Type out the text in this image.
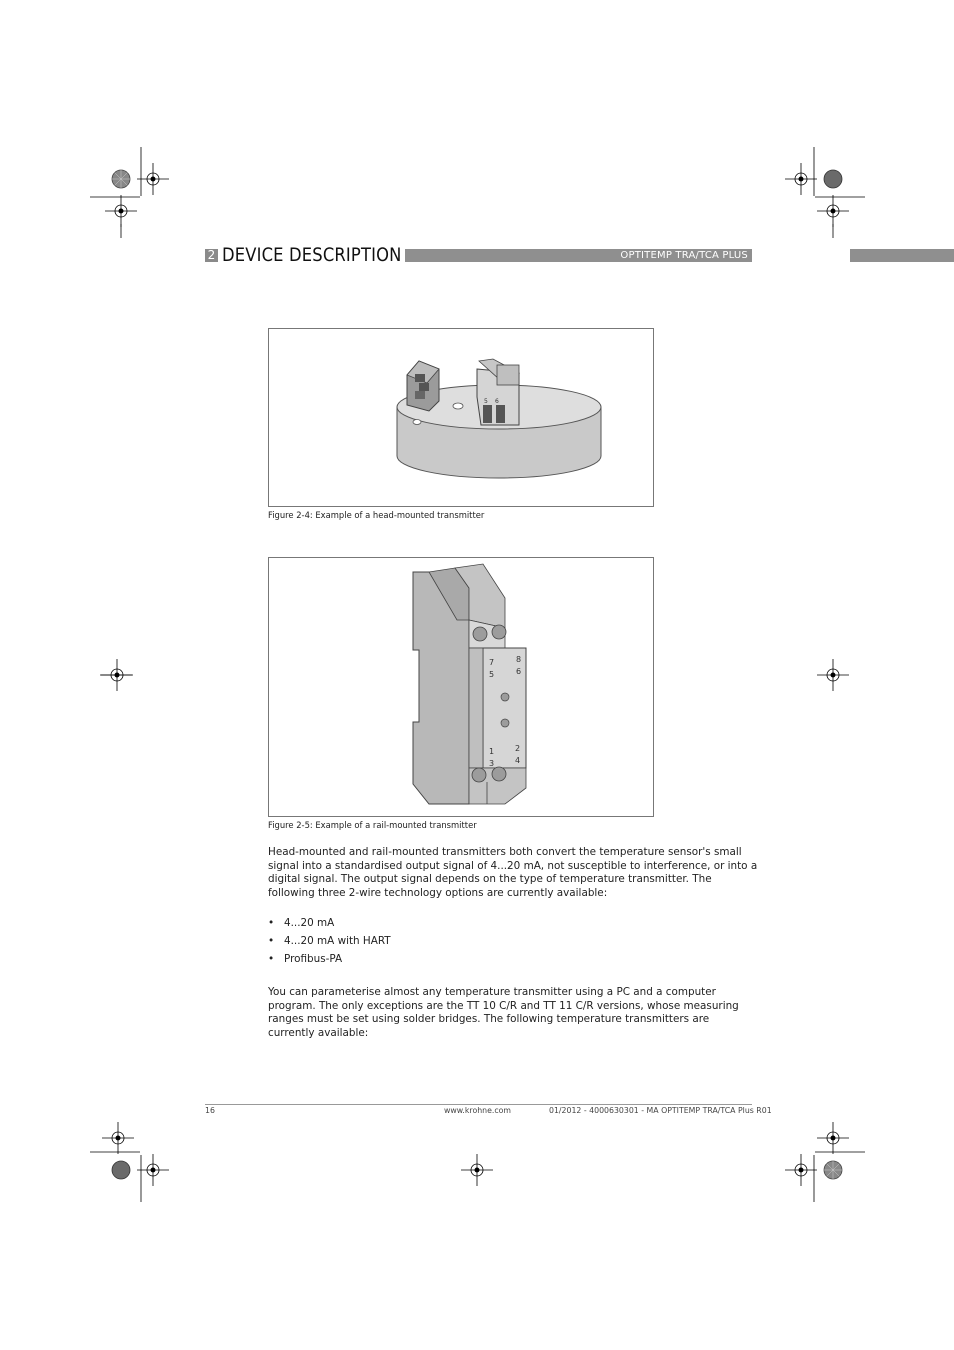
2 DEVICE DESCRIPTION	OPTITEMP TRA/TCA PLUS
5 6
Figure 2-4: Example of a head-mounted transmitter
7	8
5	6
1	2
3	4
Figure 2-5: Example of a rail-mounted transmitter

Head-mounted and rail-mounted transmitters both convert the temperature sensor's small signal into a standardised output signal of 4...20 mA, not susceptible to interference, or into a digital signal. The output signal depends on the type of temperature transmitter. The following three 2-wire technology options are currently available:

• 4...20 mA
• 4...20 mA with HART
• Profibus-PA

You can parameterise almost any temperature transmitter using a PC and a computer program. The only exceptions are the TT 10 C/R and TT 11 C/R versions, whose measuring ranges must be set using solder bridges. The following temperature transmitters are currently available:

16	www.krohne.com	01/2012 - 4000630301 - MA OPTITEMP TRA/TCA Plus R01
